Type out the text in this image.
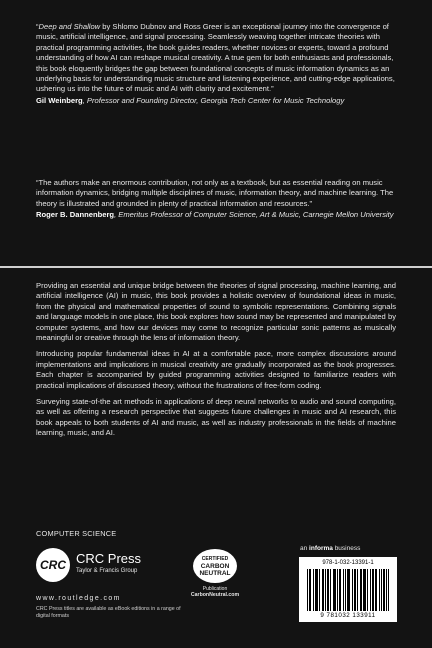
“Deep and Shallow by Shlomo Dubnov and Ross Greer is an exceptional journey into the convergence of music, artificial intelligence, and signal processing. Seamlessly weaving together intricate theories with practical programming activities, the book guides readers, whether novices or experts, toward a profound understanding of how AI can reshape musical creativity. A true gem for both enthusiasts and professionals, this book eloquently bridges the gap between foundational concepts of music information dynamics as an underlying basis for understanding music structure and listening experience, and cutting-edge applications, ushering us into the future of music and AI with clarity and excitement.”

Gil Weinberg, Professor and Founding Director, Georgia Tech Center for Music Technology

“The authors make an enormous contribution, not only as a textbook, but as essential reading on music information dynamics, bridging multiple disciplines of music, information theory, and machine learning. The theory is illustrated and grounded in plenty of practical information and resources.”

Roger B. Dannenberg, Emeritus Professor of Computer Science, Art & Music, Carnegie Mellon University

Providing an essential and unique bridge between the theories of signal processing, machine learning, and artificial intelligence (AI) in music, this book provides a holistic overview of foundational ideas in music, from the physical and mathematical properties of sound to symbolic representations. Combining signals and language models in one place, this book explores how sound may be represented and manipulated by computer systems, and how our devices may come to recognize particular sonic patterns as musically meaningful or creative through the lens of information theory.

Introducing popular fundamental ideas in AI at a comfortable pace, more complex discussions around implementations and implications in musical creativity are gradually incorporated as the book progresses. Each chapter is accompanied by guided programming activities designed to familiarize readers with practical implications of discussed theory, without the frustrations of free-form coding.

Surveying state-of-the art methods in applications of deep neural networks to audio and sound computing, as well as offering a research perspective that suggests future challenges in music and AI research, this book appeals to both students of AI and music, as well as industry professionals in the fields of machine learning, music, and AI.

COMPUTER SCIENCE
CRC CRC Press
Taylor & Francis Group
www.routledge.com
CRC Press titles are available as eBook editions in a range of digital formats
CERTIFIED
CARBON
NEUTRAL
Publication
CarbonNeutral.com
an informa business
978-1-032-13391-1
9 781032 133911
